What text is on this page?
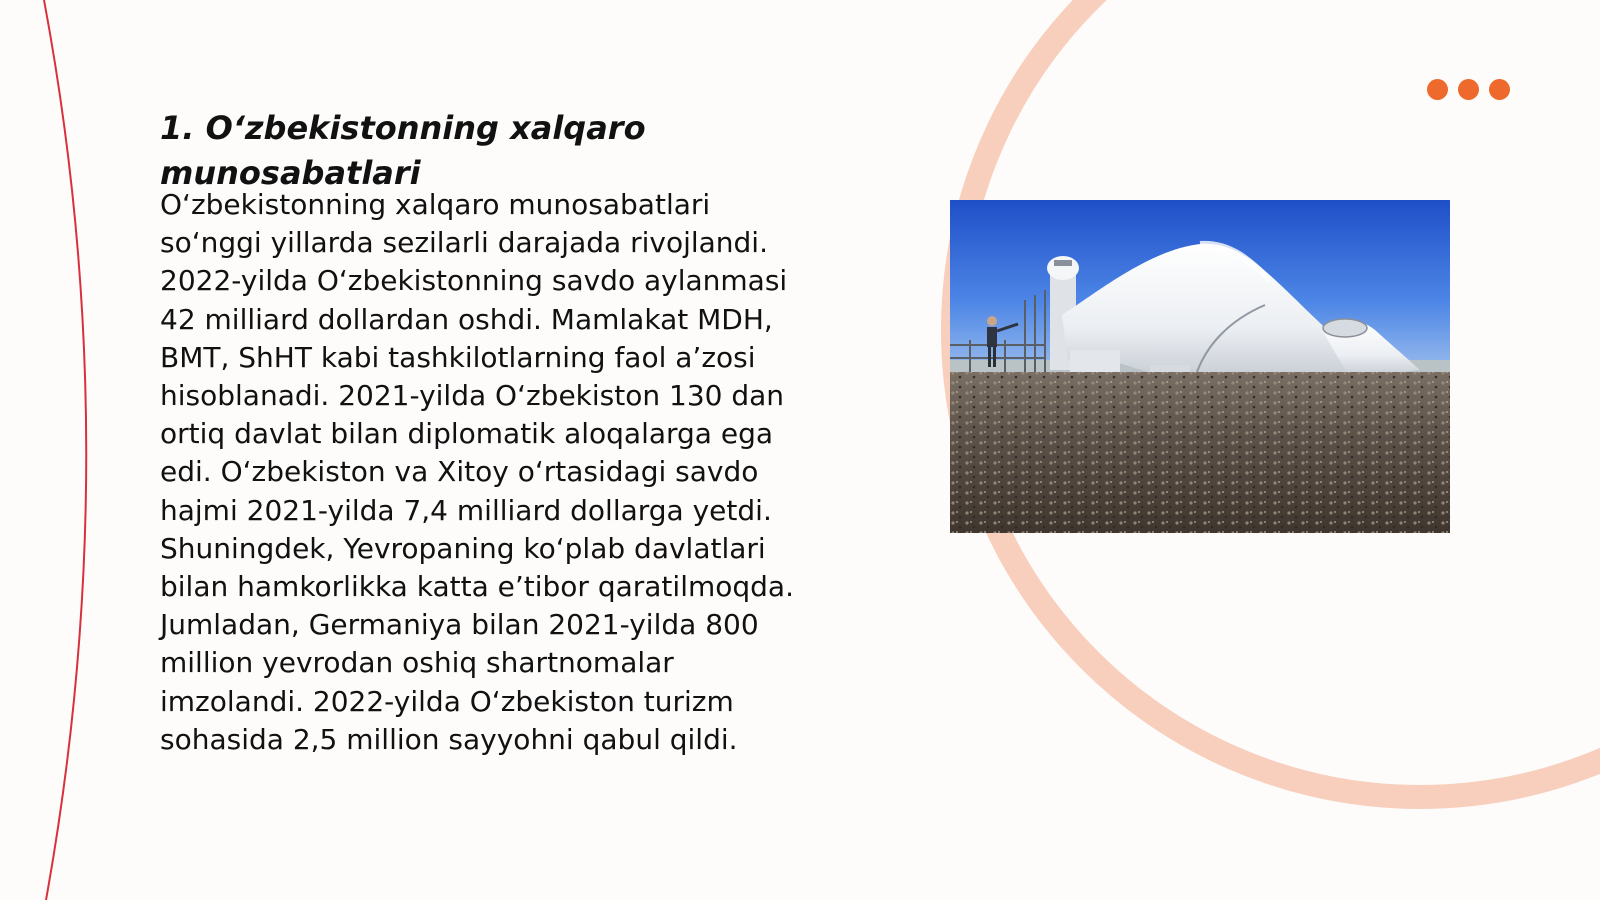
1. O‘zbekistonning xalqaro munosabatlari

O‘zbekistonning xalqaro munosabatlari
so‘nggi yillarda sezilarli darajada rivojlandi.
2022-yilda O‘zbekistonning savdo aylanmasi
42 milliard dollardan oshdi. Mamlakat MDH,
BMT, ShHT kabi tashkilotlarning faol a’zosi
hisoblanadi. 2021-yilda O‘zbekiston 130 dan
ortiq davlat bilan diplomatik aloqalarga ega
edi. O‘zbekiston va Xitoy o‘rtasidagi savdo
hajmi 2021-yilda 7,4 milliard dollarga yetdi.
Shuningdek, Yevropaning ko‘plab davlatlari
bilan hamkorlikka katta e’tibor qaratilmoqda.
Jumladan, Germaniya bilan 2021-yilda 800
million yevrodan oshiq shartnomalar
imzolandi. 2022-yilda O‘zbekiston turizm
sohasida 2,5 million sayyohni qabul qildi.
